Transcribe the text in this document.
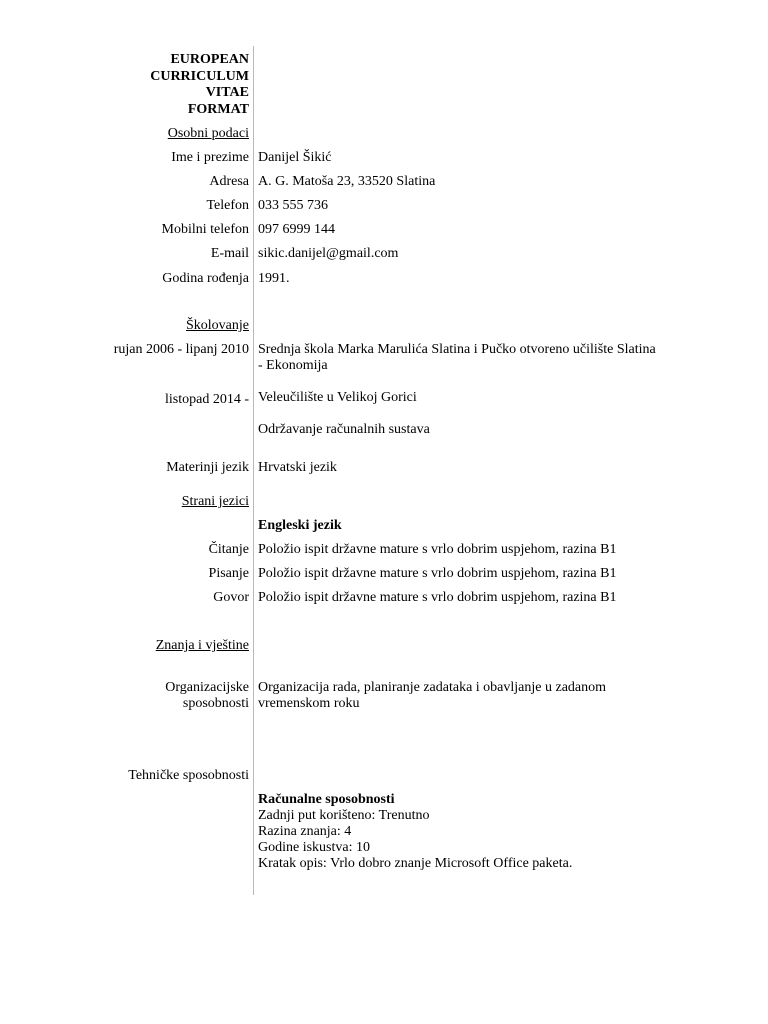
EUROPEAN
CURRICULUM
VITAE
FORMAT
Osobni podaci
Ime i prezime Danijel Šikić
Adresa A. G. Matoša 23, 33520 Slatina
Telefon 033 555 736
Mobilni telefon 097 6999 144
E-mail sikic.danijel@gmail.com
Godina rođenja 1991.
Školovanje
rujan 2006 - lipanj 2010 Srednja škola Marka Marulića Slatina i Pučko otvoreno učilište Slatina
- Ekonomija
listopad 2014 - Veleučilište u Velikoj Gorici
Održavanje računalnih sustava
Materinji jezik Hrvatski jezik
Strani jezici
Engleski jezik
Čitanje Položio ispit državne mature s vrlo dobrim uspjehom, razina B1
Pisanje Položio ispit državne mature s vrlo dobrim uspjehom, razina B1
Govor Položio ispit državne mature s vrlo dobrim uspjehom, razina B1
Znanja i vještine
Organizacijske
sposobnosti
Organizacija rada, planiranje zadataka i obavljanje u zadanom
vremenskom roku
Tehničke sposobnosti
Računalne sposobnosti
Zadnji put korišteno: Trenutno
Razina znanja: 4
Godine iskustva: 10
Kratak opis: Vrlo dobro znanje Microsoft Office paketa.
